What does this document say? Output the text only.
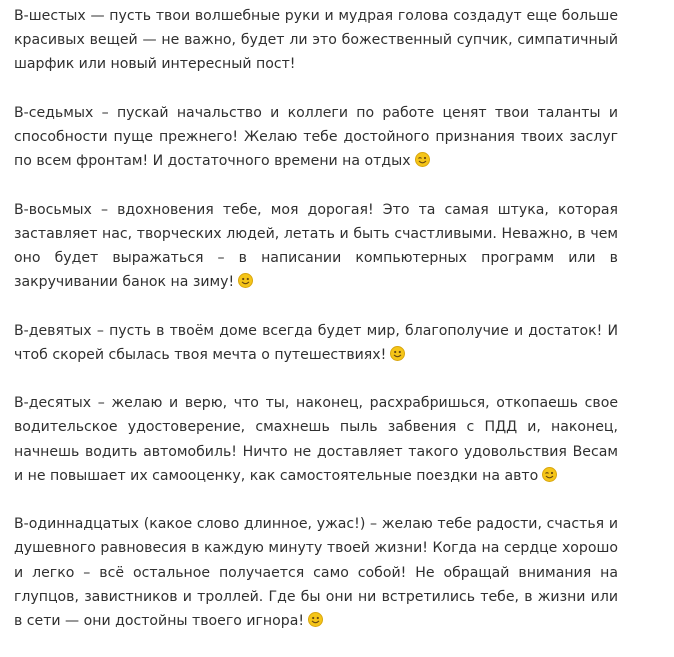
В-шестых — пусть твои волшебные руки и мудрая голова создадут еще больше красивых вещей — не важно, будет ли это божественный супчик, симпатичный шарфик или новый интересный пост!

В-седьмых – пускай начальство и коллеги по работе ценят твои таланты и способности пуще прежнего! Желаю тебе достойного признания твоих заслуг по всем фронтам! И достаточного времени на отдых

В-восьмых – вдохновения тебе, моя дорогая! Это та самая штука, которая заставляет нас, творческих людей, летать и быть счастливыми. Неважно, в чем оно будет выражаться – в написании компьютерных программ или в закручивании банок на зиму!

В-девятых – пусть в твоём доме всегда будет мир, благополучие и достаток! И чтоб скорей сбылась твоя мечта о путешествиях!

В-десятых – желаю и верю, что ты, наконец, расхрабришься, откопаешь свое водительское удостоверение, смахнешь пыль забвения с ПДД и, наконец, начнешь водить автомобиль! Ничто не доставляет такого удовольствия Весам и не повышает их самооценку, как самостоятельные поездки на авто

В-одиннадцатых (какое слово длинное, ужас!) – желаю тебе радости, счастья и душевного равновесия в каждую минуту твоей жизни! Когда на сердце хорошо и легко – всё остальное получается само собой! Не обращай внимания на глупцов, завистников и троллей. Где бы они ни встретились тебе, в жизни или в сети — они достойны твоего игнора!
